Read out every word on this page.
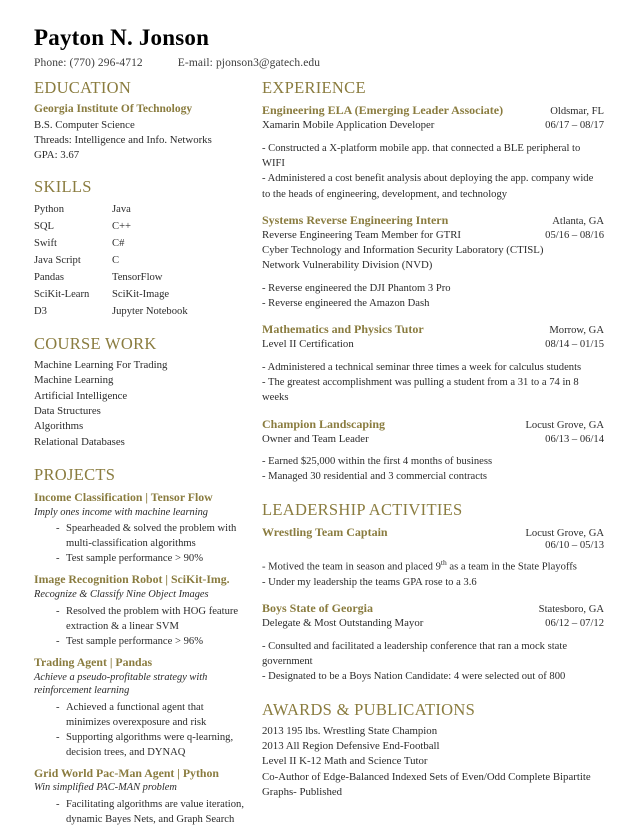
Payton N. Jonson
Phone: (770) 296-4712	E-mail: pjonson3@gatech.edu
EDUCATION
Georgia Institute Of Technology
B.S. Computer Science
Threads: Intelligence and Info. Networks
GPA: 3.67
SKILLS
Python	Java
SQL	C++
Swift	C#
Java Script	C
Pandas	TensorFlow
SciKit-Learn	SciKit-Image
D3	Jupyter Notebook
COURSE WORK
Machine Learning For Trading
Machine Learning
Artificial Intelligence
Data Structures
Algorithms
Relational Databases
PROJECTS
Income Classification | Tensor Flow
Imply ones income with machine learning
- Spearheaded & solved the problem with multi-classification algorithms
- Test sample performance > 90%
Image Recognition Robot | SciKit-Img.
Recognize & Classify Nine Object Images
- Resolved the problem with HOG feature extraction & a linear SVM
- Test sample performance > 96%
Trading Agent | Pandas
Achieve a pseudo-profitable strategy with reinforcement learning
- Achieved a functional agent that minimizes overexposure and risk
- Supporting algorithms were q-learning, decision trees, and DYNAQ
Grid World Pac-Man Agent | Python
Win simplified PAC-MAN problem
- Facilitating algorithms are value iteration, dynamic Bayes Nets, and Graph Search
EXPERIENCE
Engineering ELA (Emerging Leader Associate)	Oldsmar, FL
Xamarin Mobile Application Developer	06/17 – 08/17
- Constructed a X-platform mobile app. that connected a BLE peripheral to WIFI
- Administered a cost benefit analysis about deploying the app. company wide to the heads of engineering, development, and technology
Systems Reverse Engineering Intern	Atlanta, GA
Reverse Engineering Team Member for GTRI	05/16 – 08/16
Cyber Technology and Information Security Laboratory (CTISL)
Network Vulnerability Division (NVD)
- Reverse engineered the DJI Phantom 3 Pro
- Reverse engineered the Amazon Dash
Mathematics and Physics Tutor	Morrow, GA
Level II Certification	08/14 – 01/15
- Administered a technical seminar three times a week for calculus students
- The greatest accomplishment was pulling a student from a 31 to a 74 in 8 weeks
Champion Landscaping	Locust Grove, GA
Owner and Team Leader	06/13 – 06/14
- Earned $25,000 within the first 4 months of business
- Managed 30 residential and 3 commercial contracts
LEADERSHIP ACTIVITIES
Wrestling Team Captain	Locust Grove, GA
06/10 – 05/13
- Motived the team in season and placed 9th as a team in the State Playoffs
- Under my leadership the teams GPA rose to a 3.6
Boys State of Georgia	Statesboro, GA
Delegate & Most Outstanding Mayor	06/12 – 07/12
- Consulted and facilitated a leadership conference that ran a mock state government
- Designated to be a Boys Nation Candidate: 4 were selected out of 800
AWARDS & PUBLICATIONS
2013 195 lbs. Wrestling State Champion
2013 All Region Defensive End-Football
Level II K-12 Math and Science Tutor
Co-Author of Edge-Balanced Indexed Sets of Even/Odd Complete Bipartite Graphs- Published
